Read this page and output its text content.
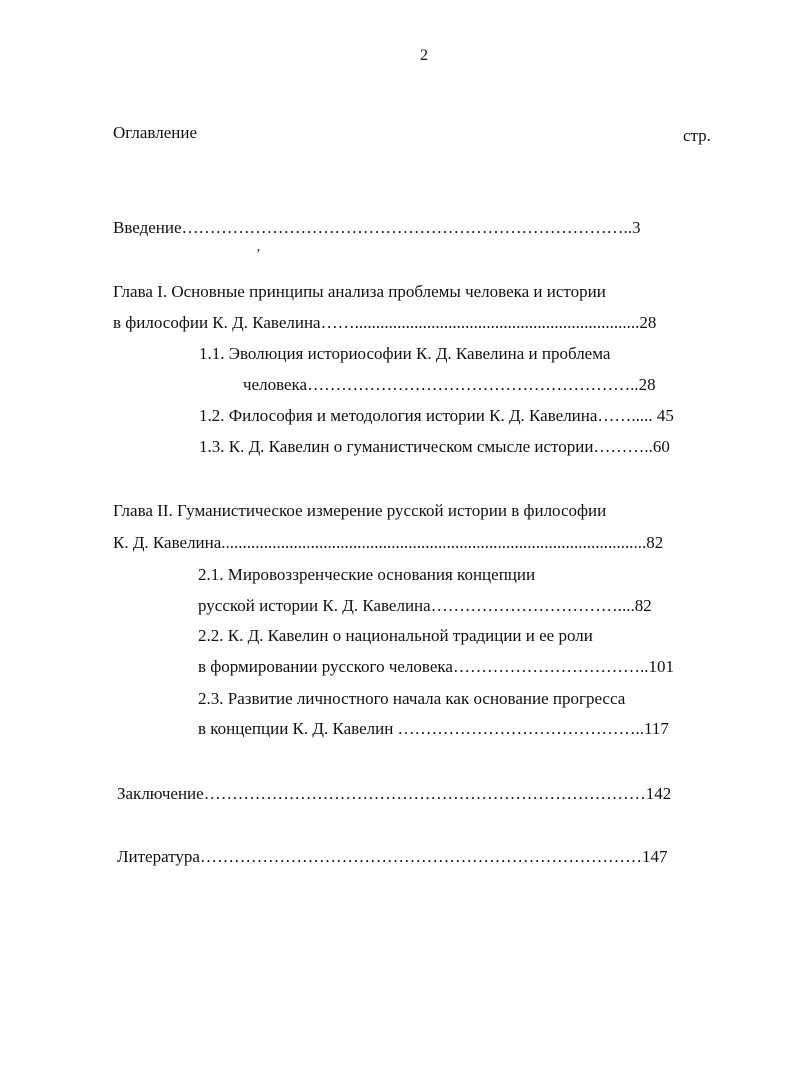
2
Оглавление	стр.
Введение……………………………………………………………………..3
’
Глава I. Основные принципы анализа проблемы человека и истории
в философии К. Д. Кавелина……...................................................................28
1.1. Эволюция историософии К. Д. Кавелина и проблема
человека…………………………………………………..28
1.2. Философия и методология истории К. Д. Кавелина……..... 45
1.3. К. Д. Кавелин о гуманистическом смысле истории………..60
Глава II. Гуманистическое измерение русской истории в философии
К. Д. Кавелина....................................................................................................82
2.1. Мировоззренческие основания концепции
русской истории К. Д. Кавелина……………………………....82
2.2. К. Д. Кавелин о национальной традиции и ее роли
в формировании русского человека……………………………..101
2.3. Развитие личностного начала как основание прогресса
в концепции К. Д. Кавелин ……………………………………..117
Заключение……………………………………………………………………142
Литература……………………………………………………………………147
